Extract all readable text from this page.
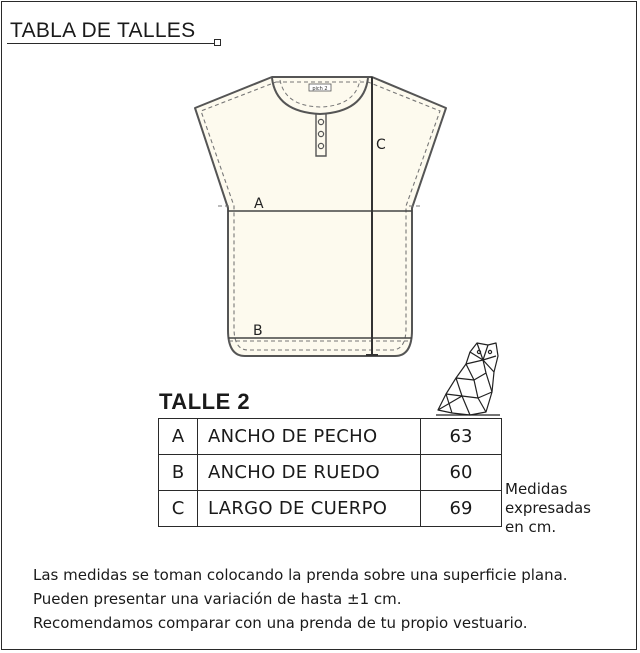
TABLA DE TALLES
pich 2
A
B
C
TALLE 2
A	ANCHO DE PECHO	63
B	ANCHO DE RUEDO	60
C	LARGO DE CUERPO	69
Medidas
expresadas
en cm.
Las medidas se toman colocando la prenda sobre una superficie plana.
Pueden presentar una variación de hasta ±1 cm.
Recomendamos comparar con una prenda de tu propio vestuario.
